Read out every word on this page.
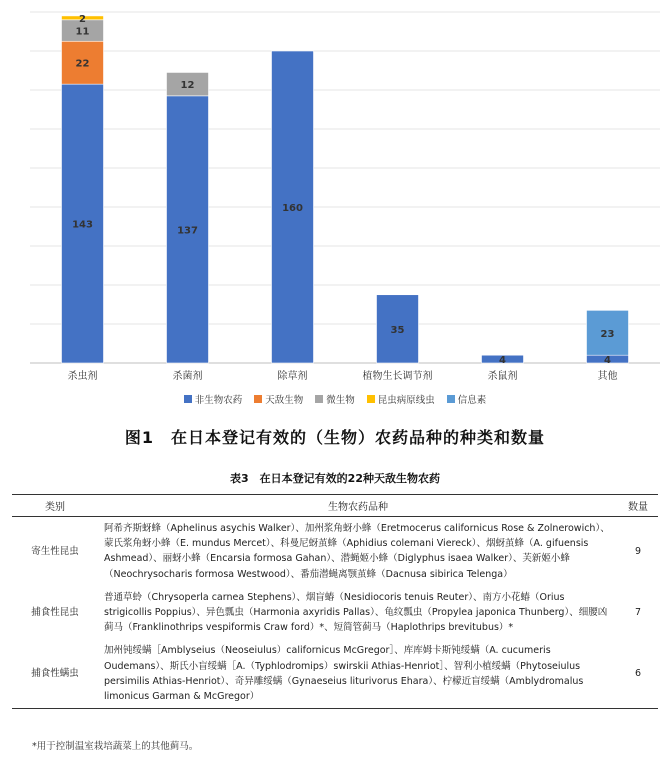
143
22
11
2
杀虫剂
137
12
杀菌剂
160
除草剂
35
植物生长调节剂
4
杀鼠剂
4
23
其他
非生物农药 天敌生物 微生物 昆虫病原线虫 信息素
图1　在日本登记有效的（生物）农药品种的种类和数量
表3　在日本登记有效的22种天敌生物农药
类别	生物农药品种	数量
寄生性昆虫	阿希齐斯蚜蜂（Aphelinus asychis Walker）、加州浆角蚜小蜂（Eretmocerus californicus Rose & Zolnerowich）、蒙氏浆角蚜小蜂（E. mundus Mercet）、科曼尼蚜茧蜂（Aphidius colemani Viereck）、烟蚜茧蜂（A. gifuensis Ashmead）、丽蚜小蜂（Encarsia formosa Gahan）、潜蝇姬小蜂（Diglyphus isaea Walker）、芙新姬小蜂（Neochrysocharis formosa Westwood）、番茄潜蝇离颚茧蜂（Dacnusa sibirica Telenga）	9
捕食性昆虫	普通草蛉（Chrysoperla carnea Stephens）、烟盲蝽（Nesidiocoris tenuis Reuter）、南方小花蝽（Orius strigicollis Poppius）、异色瓢虫（Harmonia axyridis Pallas）、龟纹瓢虫（Propylea japonica Thunberg）、细腰凶蓟马（Franklinothrips vespiformis Craw ford）*、短简管蓟马（Haplothrips brevitubus）*	7
捕食性螨虫	加州钝绥螨［Amblyseius（Neoseiulus）californicus McGregor］、库库姆卡斯钝绥螨（A. cucumeris Oudemans）、斯氏小盲绥螨［A.（Typhlodromips）swirskii Athias-Henriot］、智利小植绥螨（Phytoseiulus persimilis Athias-Henriot）、奇异雕绥螨（Gynaeseius liturivorus Ehara）、柠檬近盲绥螨（Amblydromalus limonicus Garman & McGregor）	6
*用于控制温室栽培蔬菜上的其他蓟马。
